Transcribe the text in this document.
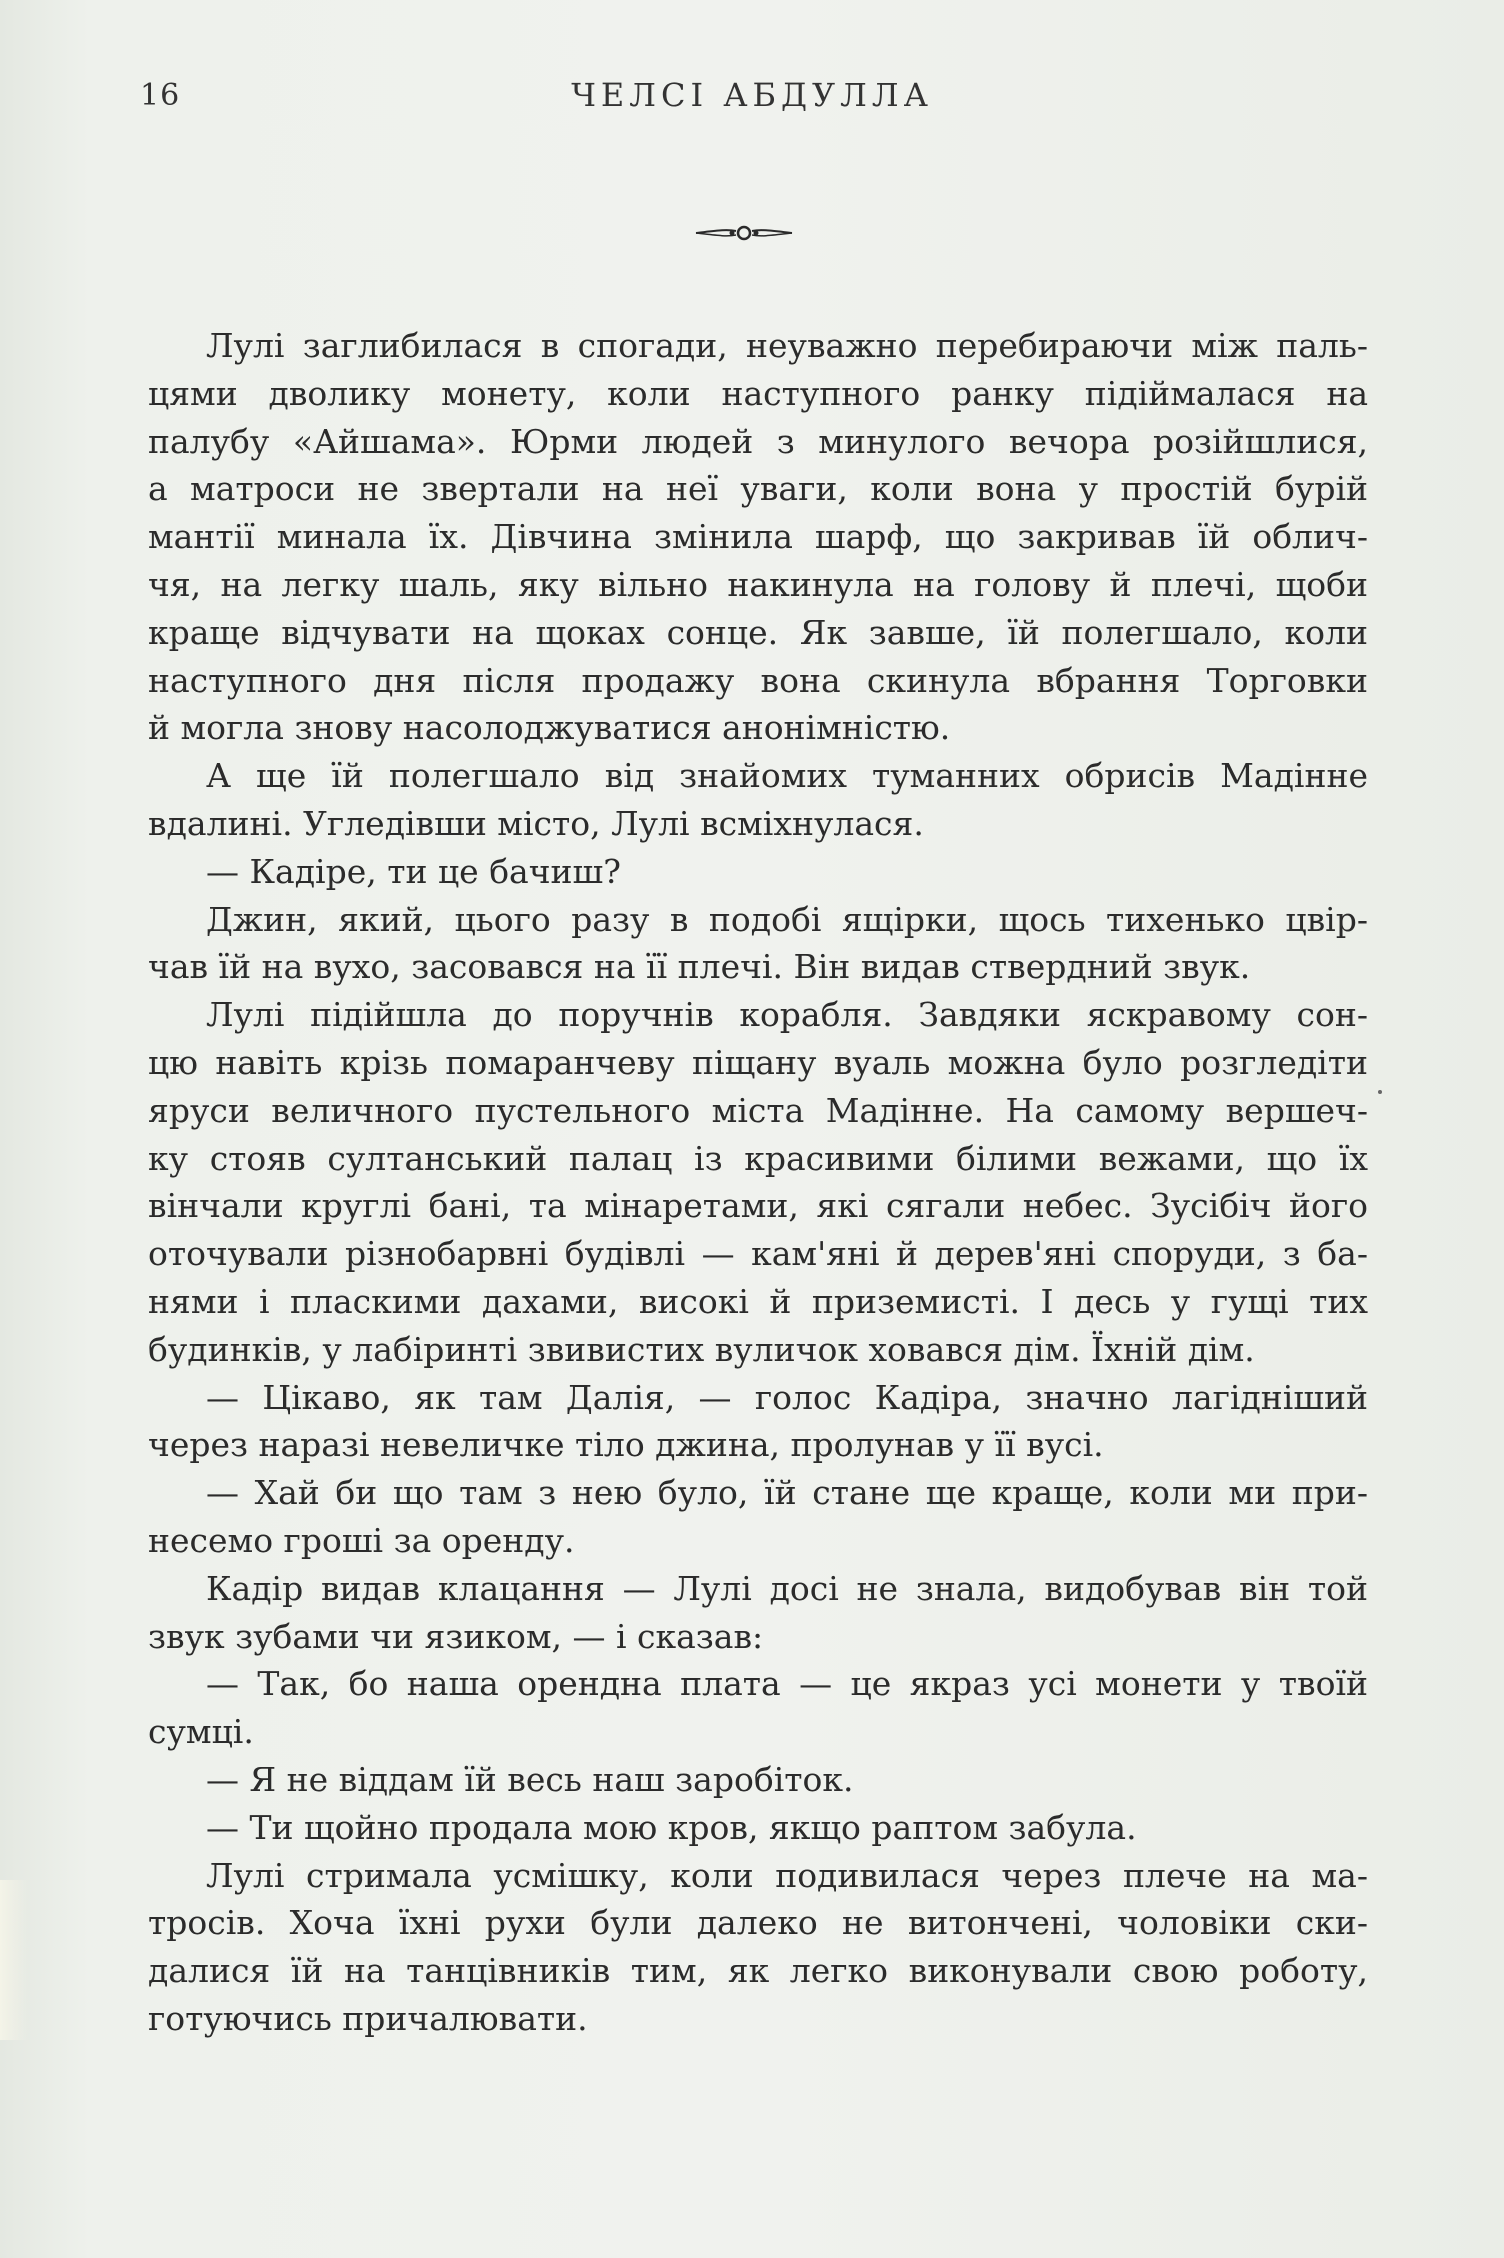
16	ЧЕЛСІ АБДУЛЛА
Лулі заглибилася в спогади, неуважно перебираючи між паль-
цями дволику монету, коли наступного ранку підіймалася на
палубу «Айшама». Юрми людей з минулого вечора розійшлися,
а матроси не звертали на неї уваги, коли вона у простій бурій
мантії минала їх. Дівчина змінила шарф, що закривав їй облич-
чя, на легку шаль, яку вільно накинула на голову й плечі, щоби
краще відчувати на щоках сонце. Як завше, їй полегшало, коли
наступного дня після продажу вона скинула вбрання Торговки
й могла знову насолоджуватися анонімністю.
А ще їй полегшало від знайомих туманних обрисів Мадінне
вдалині. Угледівши місто, Лулі всміхнулася.
— Кадіре, ти це бачиш?
Джин, який, цього разу в подобі ящірки, щось тихенько цвір-
чав їй на вухо, засовався на її плечі. Він видав ствердний звук.
Лулі підійшла до поручнів корабля. Завдяки яскравому сон-
цю навіть крізь помаранчеву піщану вуаль можна було розгледіти
яруси величного пустельного міста Мадінне. На самому вершеч-
ку стояв султанський палац із красивими білими вежами, що їх
вінчали круглі бані, та мінаретами, які сягали небес. Зусібіч його
оточували різнобарвні будівлі — кам'яні й дерев'яні споруди, з ба-
нями і пласкими дахами, високі й приземисті. І десь у гущі тих
будинків, у лабіринті звивистих вуличок ховався дім. Їхній дім.
— Цікаво, як там Далія, — голос Кадіра, значно лагідніший
через наразі невеличке тіло джина, пролунав у її вусі.
— Хай би що там з нею було, їй стане ще краще, коли ми при-
несемо гроші за оренду.
Кадір видав клацання — Лулі досі не знала, видобував він той
звук зубами чи язиком, — і сказав:
— Так, бо наша орендна плата — це якраз усі монети у твоїй
сумці.
— Я не віддам їй весь наш заробіток.
— Ти щойно продала мою кров, якщо раптом забула.
Лулі стримала усмішку, коли подивилася через плече на ма-
тросів. Хоча їхні рухи були далеко не витончені, чоловіки ски-
далися їй на танцівників тим, як легко виконували свою роботу,
готуючись причалювати.
